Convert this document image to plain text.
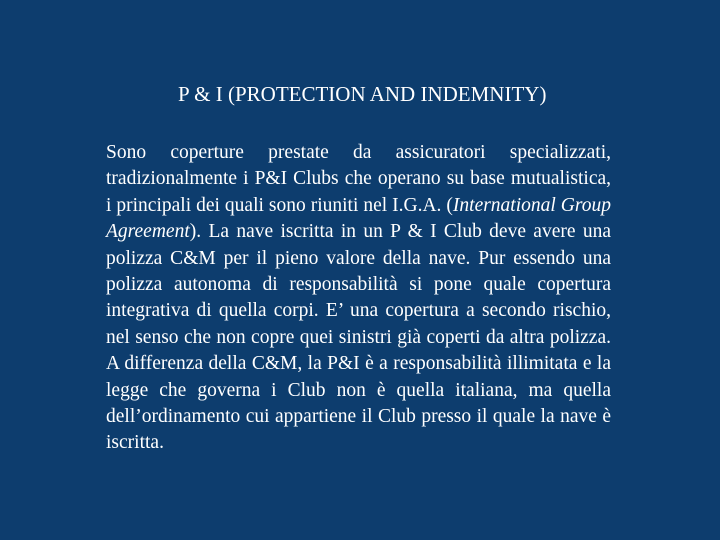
P & I (PROTECTION AND INDEMNITY)

Sono coperture prestate da assicuratori specializzati, tradizionalmente i P&I Clubs che operano su base mutualistica, i principali dei quali sono riuniti nel I.G.A. (International Group Agreement). La nave iscritta in un P & I Club deve avere una polizza C&M per il pieno valore della nave. Pur essendo una polizza autonoma di responsabilità si pone quale copertura integrativa di quella corpi. E’ una copertura a secondo rischio, nel senso che non copre quei sinistri già coperti da altra polizza. A differenza della C&M, la P&I è a responsabilità illimitata e la legge che governa i Club non è quella italiana, ma quella dell’ordinamento cui appartiene il Club presso il quale la nave è iscritta.
